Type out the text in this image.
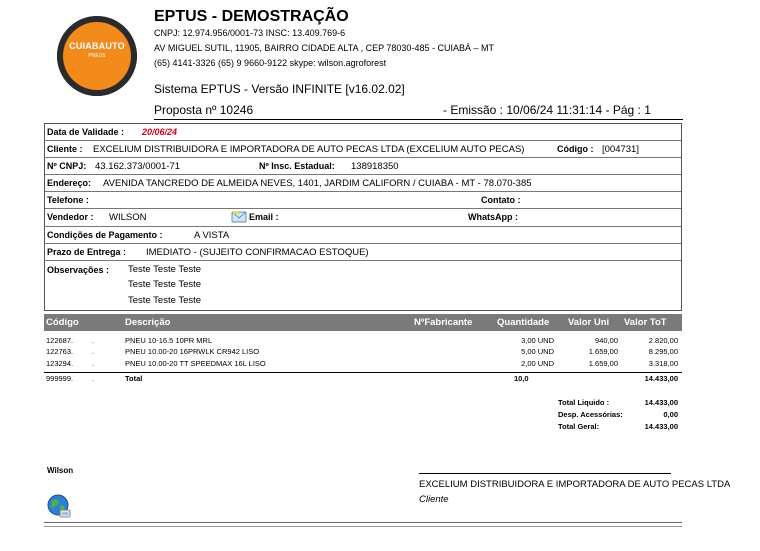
CUIABAUTO
PNEUS
EPTUS - DEMOSTRAÇÃO
CNPJ: 12.974.956/0001-73 INSC: 13.409.769-6
AV MIGUEL SUTIL, 11905, BAIRRO CIDADE ALTA , CEP 78030-485 - CUIABÁ – MT
(65) 4141-3326 (65) 9 9660-9122 skype: wilson.agroforest
Sistema EPTUS - Versão INFINITE [v16.02.02]
Proposta nº 10246	- Emissão : 10/06/24 11:31:14 - Pág : 1
Data de Validade : 20/06/24
Cliente : EXCELIUM DISTRIBUIDORA E IMPORTADORA DE AUTO PECAS LTDA (EXCELIUM AUTO PECAS)	Código : [004731]
Nº CNPJ: 43.162.373/0001-71	Nº Insc. Estadual: 138918350
Endereço: AVENIDA TANCREDO DE ALMEIDA NEVES, 1401, JARDIM CALIFORN / CUIABA - MT - 78.070-385
Telefone :	Contato :
Vendedor : WILSON	Email :	WhatsApp :
Condições de Pagamento :	A VISTA
Prazo de Entrega : IMEDIATO - (SUJEITO CONFIRMACAO ESTOQUE)
Observações : Teste Teste Teste
Teste Teste Teste
Teste Teste Teste
Código	Descrição	NºFabricante	Quantidade Valor Uni Valor ToT
122687.	.	PNEU 10-16.5 10PR MRL	3,00 UND	940,00	2.820,00
122763.	.	PNEU 10.00-20 16PRWLK CR942 LISO	5,00 UND	1.659,00	8.295,00
123294.	.	PNEU 10.00-20 TT SPEEDMAX 16L LISO	2,00 UND	1.659,00	3.318,00
999999.	.	Total	10,0	14.433,00
Total Liquido :	14.433,00
Desp. Acessórias:	0,00
Total Geral:	14.433,00
Wilson
EXCELIUM DISTRIBUIDORA E IMPORTADORA DE AUTO PECAS LTDA
Cliente
